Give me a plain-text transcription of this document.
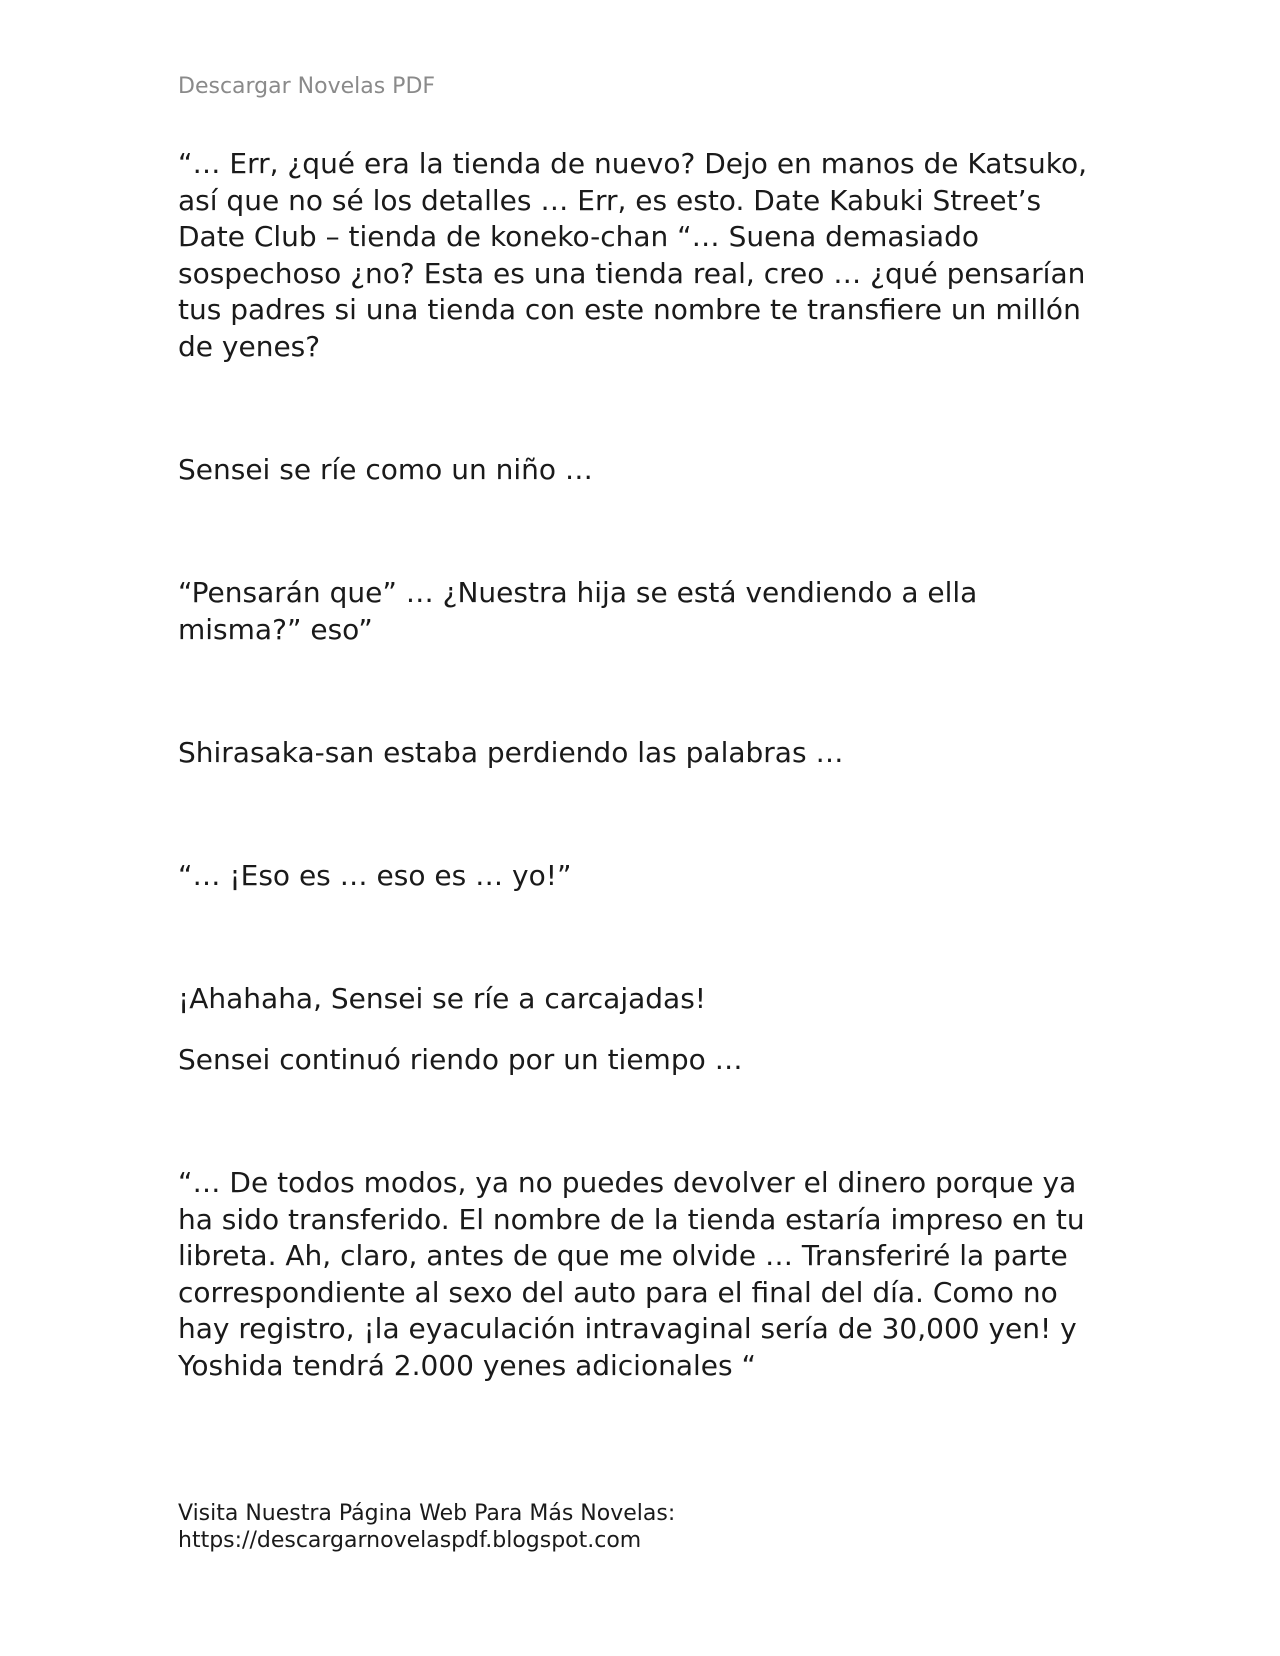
Descargar Novelas PDF

“… Err, ¿qué era la tienda de nuevo? Dejo en manos de Katsuko, así que no sé los detalles … Err, es esto. Date Kabuki Street’s Date Club – tienda de koneko-chan “… Suena demasiado sospechoso ¿no? Esta es una tienda real, creo … ¿qué pensarían tus padres si una tienda con este nombre te transfiere un millón de yenes?

Sensei se ríe como un niño …

“Pensarán que” … ¿Nuestra hija se está vendiendo a ella misma?” eso”

Shirasaka-san estaba perdiendo las palabras …

“… ¡Eso es … eso es … yo!”

¡Ahahaha, Sensei se ríe a carcajadas!

Sensei continuó riendo por un tiempo …

“… De todos modos, ya no puedes devolver el dinero porque ya ha sido transferido. El nombre de la tienda estaría impreso en tu libreta. Ah, claro, antes de que me olvide … Transferiré la parte correspondiente al sexo del auto para el final del día. Como no hay registro, ¡la eyaculación intravaginal sería de 30,000 yen! y Yoshida tendrá 2.000 yenes adicionales “

Visita Nuestra Página Web Para Más Novelas:
https://descargarnovelaspdf.blogspot.com
